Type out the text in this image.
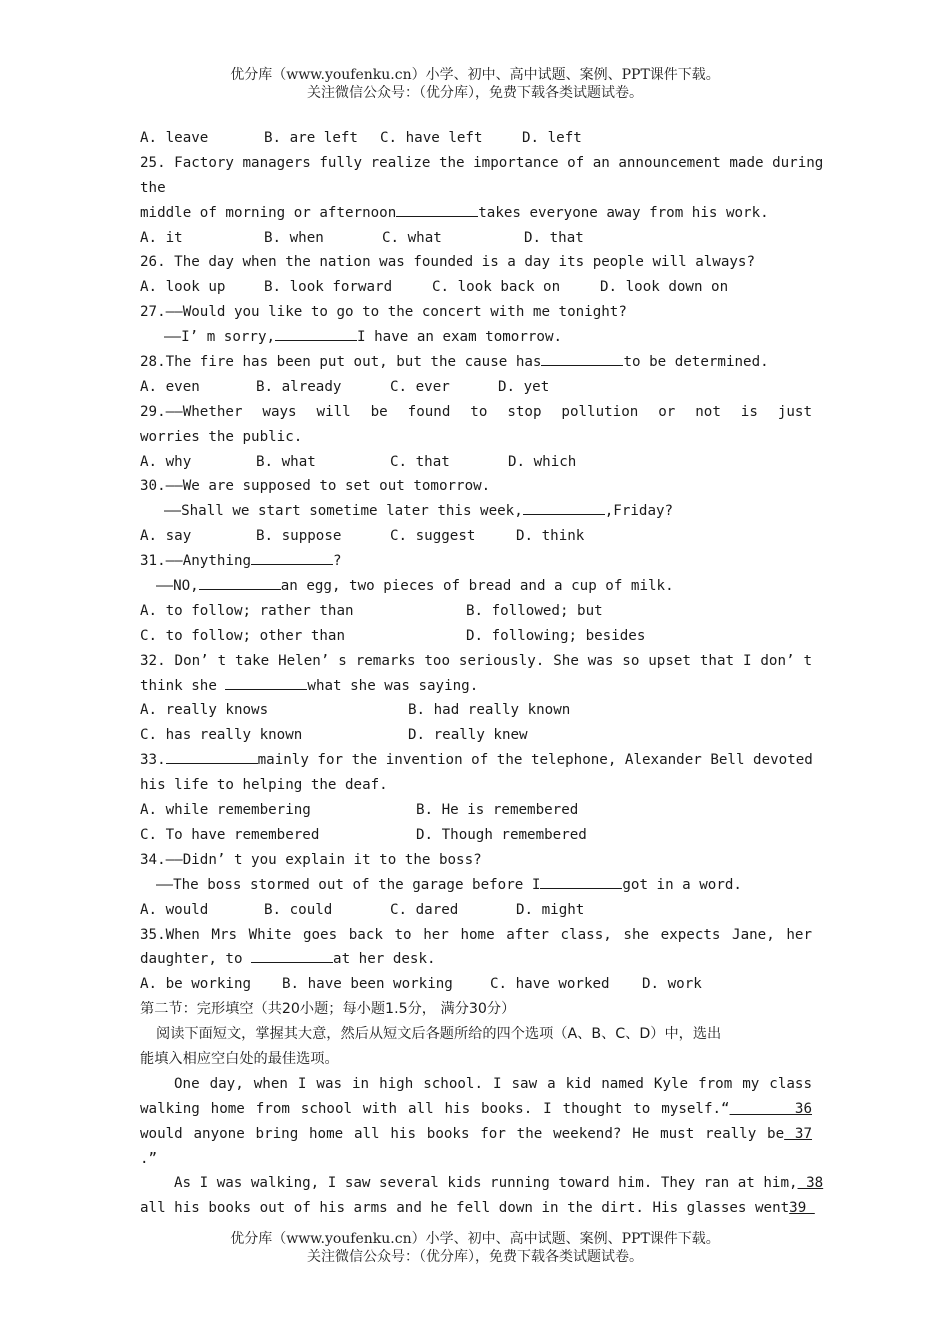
优分库（www.youfenku.cn）小学、初中、高中试题、案例、PPT课件下载。
关注微信公众号：（优分库），免费下载各类试题试卷。
A. leave	B. are left C. have left	D. left
25. Factory managers fully realize the importance of an announcement made during
the
middle of morning or afternoon	takes everyone away from his work.
A. it	B. when	C. what	D. that
26. The day when the nation was founded is a day its people will always?
A. look up	B. look forward	C. look back on	D. look down on
27.——Would you like to go to the concert with me tonight?
——I’ m sorry,	I have an exam tomorrow.
28.The fire has been put out, but the cause has	to be determined.
A. even	B. already	C. ever	D. yet
29.——Whether ways will be found to stop pollution or not is just
worries the public.
A. why	B. what	C. that	D. which
30.——We are supposed to set out tomorrow.
——Shall we start sometime later this week,	,Friday?
A. say	B. suppose	C. suggest	D. think
31.——Anything	?
——NO,	an egg, two pieces of bread and a cup of milk.
A. to follow; rather than	B. followed; but
C. to follow; other than	D. following; besides
32. Don’ t take Helen’ s remarks too seriously. She was so upset that I don’ t
think she	what she was saying.
A. really knows	B. had really known
C. has really known	D. really knew
33.	mainly for the invention of the telephone, Alexander Bell devoted
his life to helping the deaf.
A. while remembering	B. He is remembered
C. To have remembered	D. Though remembered
34.——Didn’ t you explain it to the boss?
——The boss stormed out of the garage before I	got in a word.
A. would	B. could	C. dared	D. might
35.When Mrs White goes back to her home after class, she expects Jane, her
daughter, to	at her desk.
A. be working B. have been working	C. have worked D. work
第二节：完形填空（共20小题；每小题1.5分， 满分30分）
阅读下面短文，掌握其大意，然后从短文后各题所给的四个选项（A、B、C、D）中，选出
能填入相应空白处的最佳选项。
One day, when I was in high school. I saw a kid named Kyle from my class
walking home from school with all his books. I thought to myself.“      36
would anyone bring home all his books for the weekend? He must really be 37
.”
As I was walking, I saw several kids running toward him. They ran at him, 38
all his books out of his arms and he fell down in the dirt. His glasses went39
优分库（www.youfenku.cn）小学、初中、高中试题、案例、PPT课件下载。
关注微信公众号：（优分库），免费下载各类试题试卷。
